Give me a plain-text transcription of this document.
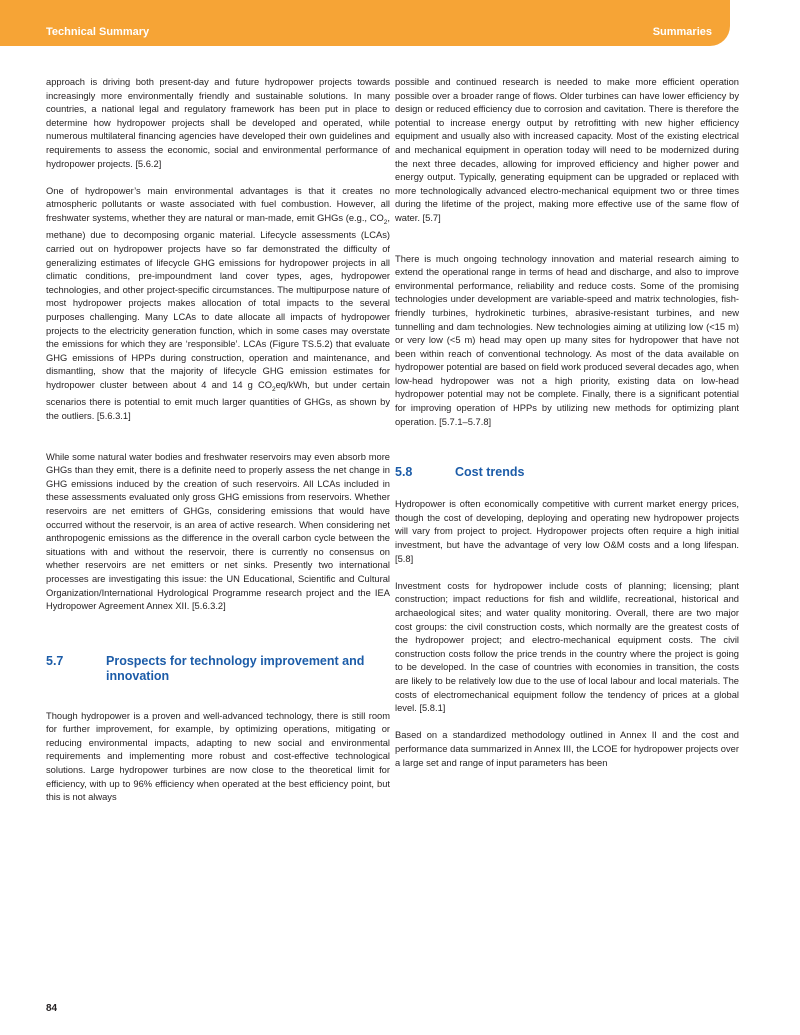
Technical Summary	Summaries

approach is driving both present-day and future hydropower projects towards increasingly more environmentally friendly and sustainable solutions. In many countries, a national legal and regulatory framework has been put in place to determine how hydropower projects shall be developed and operated, while numerous multilateral financing agencies have developed their own guidelines and requirements to assess the economic, social and environmental performance of hydropower projects. [5.6.2]

One of hydropower’s main environmental advantages is that it creates no atmospheric pollutants or waste associated with fuel combustion. However, all freshwater systems, whether they are natural or man-made, emit GHGs (e.g., $CO_2$, methane) due to decomposing organic material. Lifecycle assessments (LCAs) carried out on hydropower projects have so far demonstrated the difficulty of generalizing estimates of lifecycle GHG emissions for hydropower projects in all climatic conditions, pre-impoundment land cover types, ages, hydropower technologies, and other project-specific circumstances. The multipurpose nature of most hydropower projects makes allocation of total impacts to the several purposes challenging. Many LCAs to date allocate all impacts of hydropower projects to the electricity generation function, which in some cases may overstate the emissions for which they are ‘responsible’. LCAs (Figure TS.5.2) that evaluate GHG emissions of HPPs during construction, operation and maintenance, and dismantling, show that the majority of lifecycle GHG emission estimates for hydropower cluster between about 4 and 14 g $CO_2eq$/kWh, but under certain scenarios there is potential to emit much larger quantities of GHGs, as shown by the outliers. [5.6.3.1]

While some natural water bodies and freshwater reservoirs may even absorb more GHGs than they emit, there is a definite need to properly assess the net change in GHG emissions induced by the creation of such reservoirs. All LCAs included in these assessments evaluated only gross GHG emissions from reservoirs. Whether reservoirs are net emitters of GHGs, considering emissions that would have occurred without the reservoir, is an area of active research. When considering net anthropogenic emissions as the difference in the overall carbon cycle between the situations with and without the reservoir, there is currently no consensus on whether reservoirs are net emitters or net sinks. Presently two international processes are investigating this issue: the UN Educational, Scientific and Cultural Organization/International Hydrological Programme research project and the IEA Hydropower Agreement Annex XII. [5.6.3.2]

5.7	Prospects for technology improvement and innovation

Though hydropower is a proven and well-advanced technology, there is still room for further improvement, for example, by optimizing operations, mitigating or reducing environmental impacts, adapting to new social and environmental requirements and implementing more robust and cost-effective technological solutions. Large hydropower turbines are now close to the theoretical limit for efficiency, with up to 96% efficiency when operated at the best efficiency point, but this is not always

possible and continued research is needed to make more efficient operation possible over a broader range of flows. Older turbines can have lower efficiency by design or reduced efficiency due to corrosion and cavitation. There is therefore the potential to increase energy output by retrofitting with new higher efficiency equipment and usually also with increased capacity. Most of the existing electrical and mechanical equipment in operation today will need to be modernized during the next three decades, allowing for improved efficiency and higher power and energy output. Typically, generating equipment can be upgraded or replaced with more technologically advanced electro-mechanical equipment two or three times during the lifetime of the project, making more effective use of the same flow of water. [5.7]

There is much ongoing technology innovation and material research aiming to extend the operational range in terms of head and discharge, and also to improve environmental performance, reliability and reduce costs. Some of the promising technologies under development are variable-speed and matrix technologies, fish-friendly turbines, hydrokinetic turbines, abrasive-resistant turbines, and new tunnelling and dam technologies. New technologies aiming at utilizing low (<15 m) or very low (<5 m) head may open up many sites for hydropower that have not been within reach of conventional technology. As most of the data available on hydropower potential are based on field work produced several decades ago, when low-head hydropower was not a high priority, existing data on low-head hydropower potential may not be complete. Finally, there is a significant potential for improving operation of HPPs by utilizing new methods for optimizing plant operation. [5.7.1–5.7.8]

5.8	Cost trends

Hydropower is often economically competitive with current market energy prices, though the cost of developing, deploying and operating new hydropower projects will vary from project to project. Hydropower projects often require a high initial investment, but have the advantage of very low O&M costs and a long lifespan. [5.8]

Investment costs for hydropower include costs of planning; licensing; plant construction; impact reductions for fish and wildlife, recreational, historical and archaeological sites; and water quality monitoring. Overall, there are two major cost groups: the civil construction costs, which normally are the greatest costs of the hydropower project; and electro-mechanical equipment costs. The civil construction costs follow the price trends in the country where the project is going to be developed. In the case of countries with economies in transition, the costs are likely to be relatively low due to the use of local labour and local materials. The costs of electromechanical equipment follow the tendency of prices at a global level. [5.8.1]

Based on a standardized methodology outlined in Annex II and the cost and performance data summarized in Annex III, the LCOE for hydropower projects over a large set and range of input parameters has been

84
